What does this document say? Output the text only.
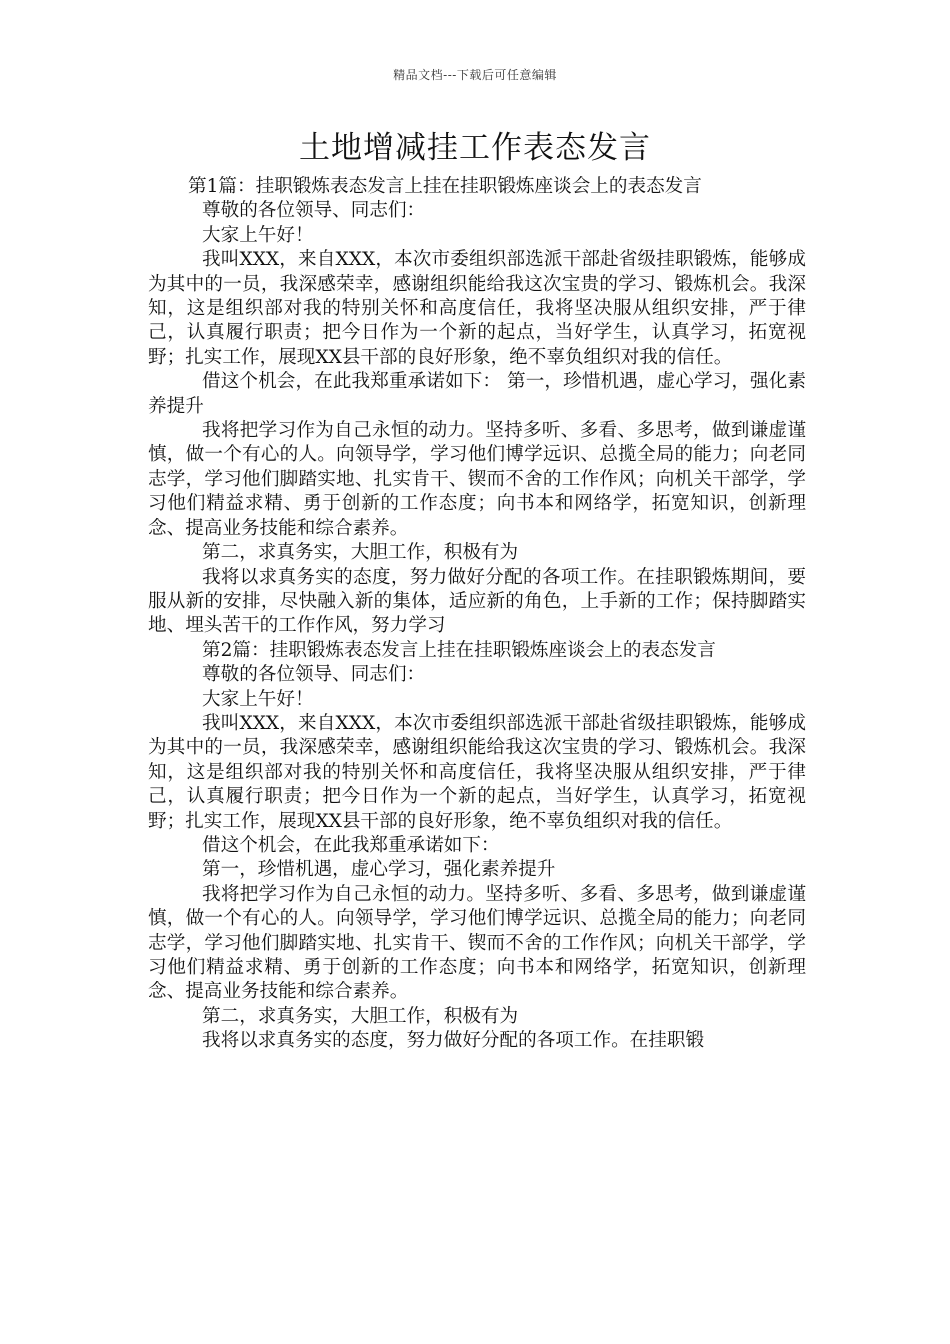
精品文档---下载后可任意编辑
土地增减挂工作表态发言

第1篇：挂职锻炼表态发言上挂在挂职锻炼座谈会上的表态发言

尊敬的各位领导、同志们：

大家上午好！

我叫XXX，来自XXX，本次市委组织部选派干部赴省级挂职锻炼，能够成为其中的一员，我深感荣幸，感谢组织能给我这次宝贵的学习、锻炼机会。我深知，这是组织部对我的特别关怀和高度信任，我将坚决服从组织安排，严于律己，认真履行职责；把今日作为一个新的起点，当好学生，认真学习，拓宽视野；扎实工作，展现XX县干部的良好形象，绝不辜负组织对我的信任。

借这个机会，在此我郑重承诺如下： 第一，珍惜机遇，虚心学习，强化素养提升

我将把学习作为自己永恒的动力。坚持多听、多看、多思考，做到谦虚谨慎，做一个有心的人。向领导学，学习他们博学远识、总揽全局的能力；向老同志学，学习他们脚踏实地、扎实肯干、锲而不舍的工作作风；向机关干部学，学习他们精益求精、勇于创新的工作态度；向书本和网络学，拓宽知识，创新理念、提高业务技能和综合素养。

第二，求真务实，大胆工作，积极有为

我将以求真务实的态度，努力做好分配的各项工作。在挂职锻炼期间，要服从新的安排，尽快融入新的集体，适应新的角色，上手新的工作；保持脚踏实地、埋头苦干的工作作风，努力学习

第2篇：挂职锻炼表态发言上挂在挂职锻炼座谈会上的表态发言

尊敬的各位领导、同志们：

大家上午好！

我叫XXX，来自XXX，本次市委组织部选派干部赴省级挂职锻炼，能够成为其中的一员，我深感荣幸，感谢组织能给我这次宝贵的学习、锻炼机会。我深知，这是组织部对我的特别关怀和高度信任，我将坚决服从组织安排，严于律己，认真履行职责；把今日作为一个新的起点，当好学生，认真学习，拓宽视野；扎实工作，展现XX县干部的良好形象，绝不辜负组织对我的信任。

借这个机会，在此我郑重承诺如下：

第一，珍惜机遇，虚心学习，强化素养提升

我将把学习作为自己永恒的动力。坚持多听、多看、多思考，做到谦虚谨慎，做一个有心的人。向领导学，学习他们博学远识、总揽全局的能力；向老同志学，学习他们脚踏实地、扎实肯干、锲而不舍的工作作风；向机关干部学，学习他们精益求精、勇于创新的工作态度；向书本和网络学，拓宽知识，创新理念、提高业务技能和综合素养。

第二，求真务实，大胆工作，积极有为

我将以求真务实的态度，努力做好分配的各项工作。在挂职锻
